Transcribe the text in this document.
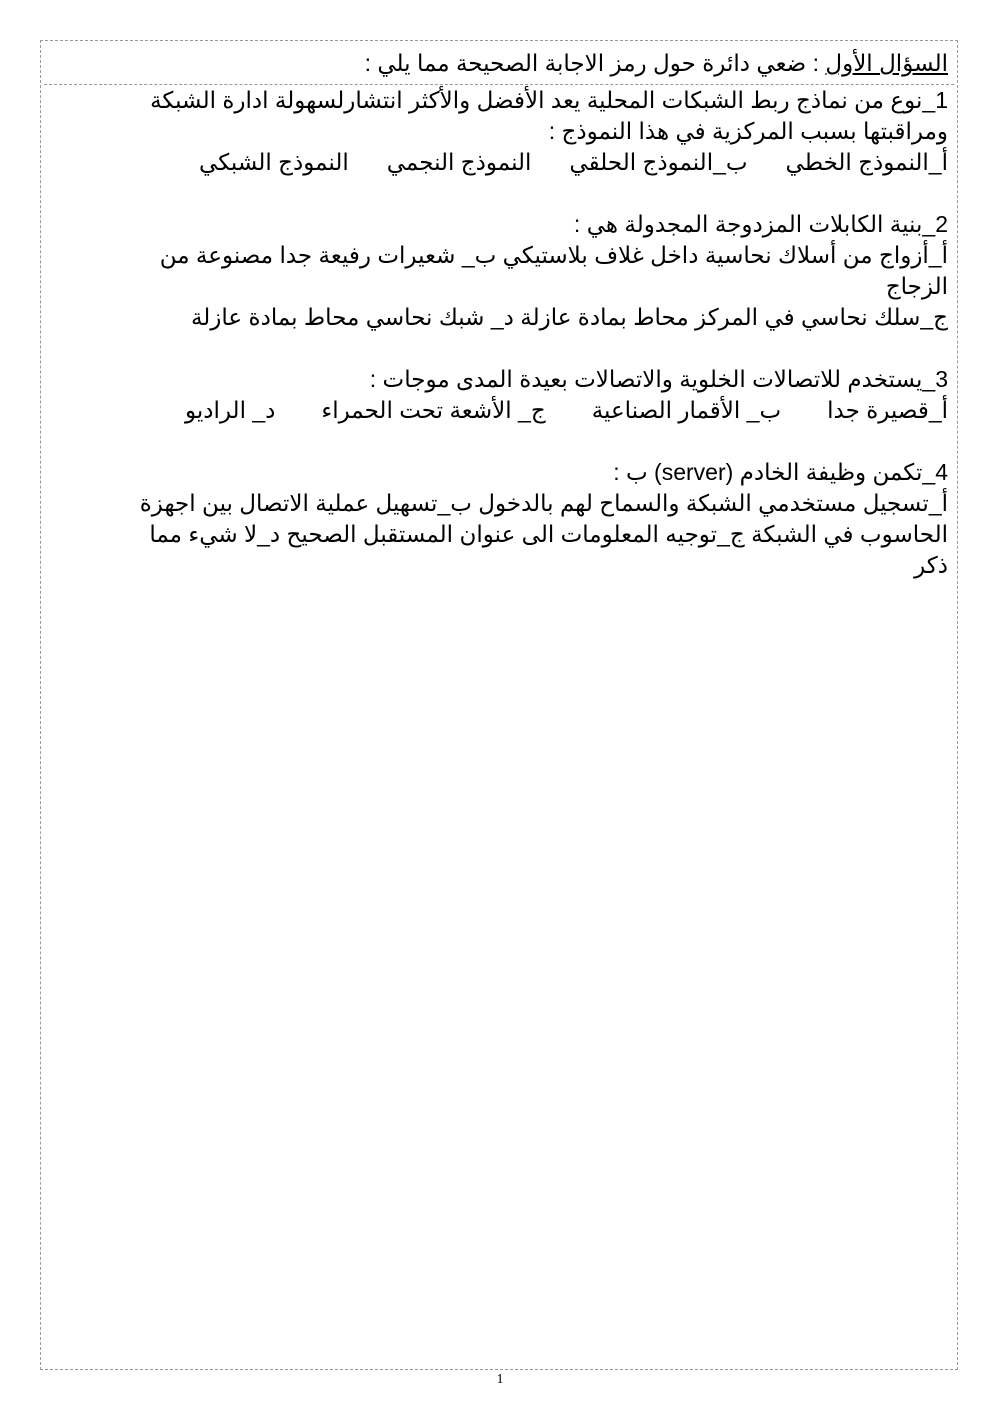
السؤال الأول : ضعي دائرة حول رمز الاجابة الصحيحة مما يلي :
1_نوع من نماذج ربط الشبكات المحلية يعد الأفضل والأكثر انتشارلسهولة ادارة الشبكة
ومراقبتها بسبب المركزية في هذا النموذج :
أ_النموذج الخطي
ب_النموذج الحلقي
النموذج النجمي
النموذج الشبكي
2_بنية الكابلات المزدوجة المجدولة هي :
أ_أزواج من أسلاك نحاسية داخل غلاف بلاستيكي ب_ شعيرات رفيعة جدا مصنوعة من
الزجاج
ج_سلك نحاسي في المركز محاط بمادة عازلة د_ شبك نحاسي محاط بمادة عازلة
3_يستخدم للاتصالات الخلوية والاتصالات بعيدة المدى موجات :
أ_قصيرة جدا
ب_ الأقمار الصناعية
ج_ الأشعة تحت الحمراء
د_ الراديو
4_تكمن وظيفة الخادم (server) ب :
أ_تسجيل مستخدمي الشبكة والسماح لهم بالدخول ب_تسهيل عملية الاتصال بين اجهزة
الحاسوب في الشبكة ج_توجيه المعلومات الى عنوان المستقبل الصحيح د_لا شيء مما
ذكر
1
